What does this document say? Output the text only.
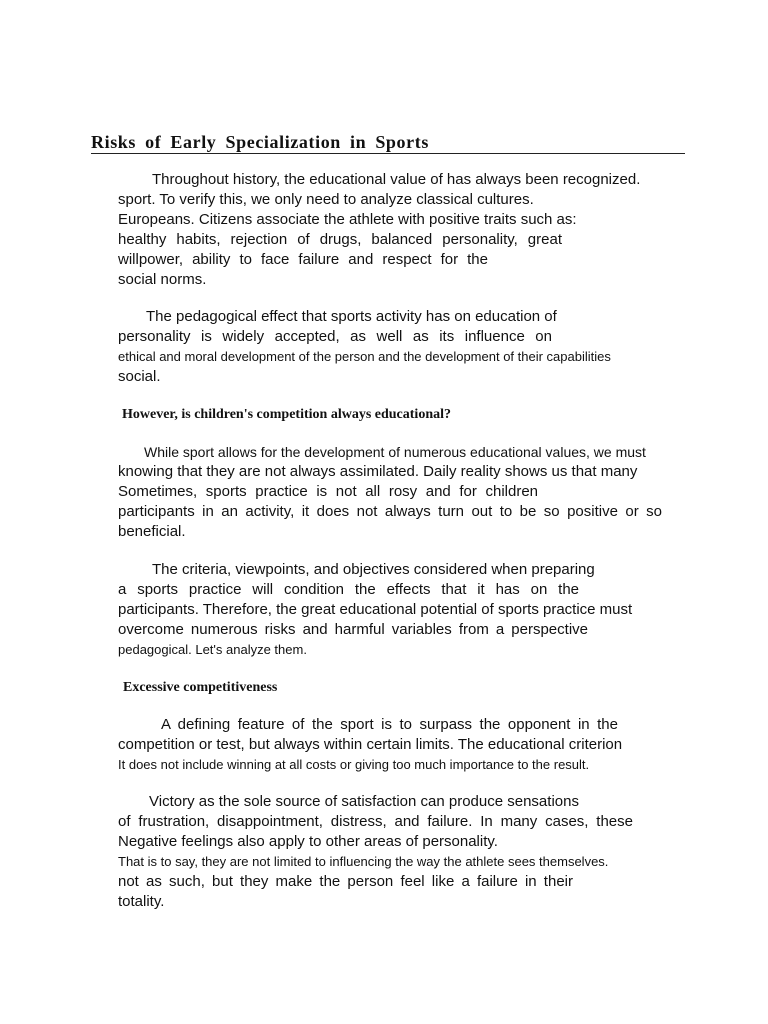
Risks of Early Specialization in Sports
Throughout history, the educational value of has always been recognized.
sport. To verify this, we only need to analyze classical cultures.
Europeans. Citizens associate the athlete with positive traits such as:
healthy habits, rejection of drugs, balanced personality, great
willpower, ability to face failure and respect for the
social norms.
The pedagogical effect that sports activity has on education of
personality is widely accepted, as well as its influence on
ethical and moral development of the person and the development of their capabilities
social.
However, is children's competition always educational?
While sport allows for the development of numerous educational values, we must
knowing that they are not always assimilated. Daily reality shows us that many
Sometimes, sports practice is not all rosy and for children
participants in an activity, it does not always turn out to be so positive or so
beneficial.
The criteria, viewpoints, and objectives considered when preparing
a sports practice will condition the effects that it has on the
participants. Therefore, the great educational potential of sports practice must
overcome numerous risks and harmful variables from a perspective
pedagogical. Let's analyze them.
Excessive competitiveness
A defining feature of the sport is to surpass the opponent in the
competition or test, but always within certain limits. The educational criterion
It does not include winning at all costs or giving too much importance to the result.
Victory as the sole source of satisfaction can produce sensations
of frustration, disappointment, distress, and failure. In many cases, these
Negative feelings also apply to other areas of personality.
That is to say, they are not limited to influencing the way the athlete sees themselves.
not as such, but they make the person feel like a failure in their
totality.
